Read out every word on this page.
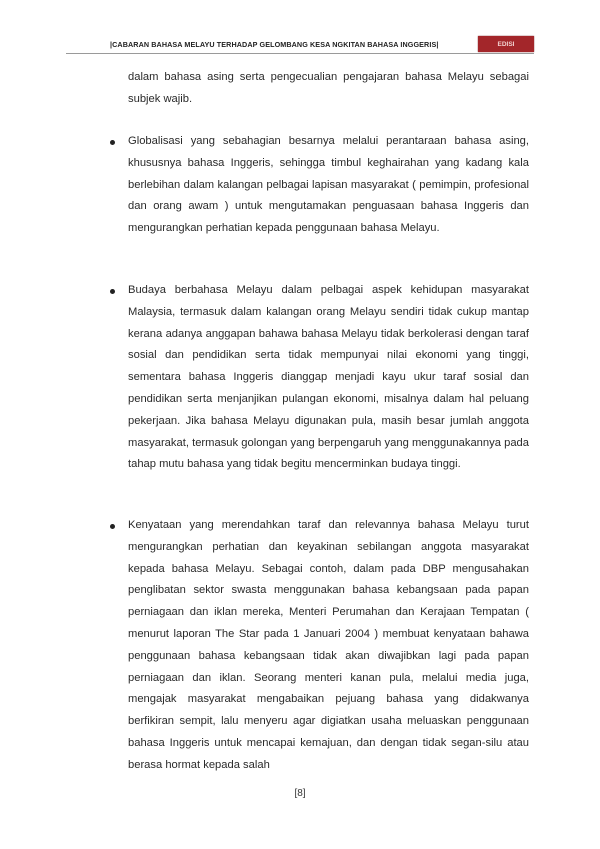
|CABARAN BAHASA MELAYU TERHADAP GELOMBANG KESA NGKITAN BAHASA INGGERIS|	EDISI
dalam bahasa asing serta pengecualian pengajaran bahasa Melayu sebagai subjek wajib.
Globalisasi yang sebahagian besarnya melalui perantaraan bahasa asing, khususnya bahasa Inggeris, sehingga timbul keghairahan yang kadang kala berlebihan dalam kalangan pelbagai lapisan masyarakat ( pemimpin, profesional dan orang awam ) untuk mengutamakan penguasaan bahasa Inggeris dan mengurangkan perhatian kepada penggunaan bahasa Melayu.
Budaya berbahasa Melayu dalam pelbagai aspek kehidupan masyarakat Malaysia, termasuk dalam kalangan orang Melayu sendiri tidak cukup mantap kerana adanya anggapan bahawa bahasa Melayu tidak berkolerasi dengan taraf sosial dan pendidikan serta tidak mempunyai nilai ekonomi yang tinggi, sementara bahasa Inggeris dianggap menjadi kayu ukur taraf sosial dan pendidikan serta menjanjikan pulangan ekonomi, misalnya dalam hal peluang pekerjaan. Jika bahasa Melayu digunakan pula, masih besar jumlah anggota masyarakat, termasuk golongan yang berpengaruh yang menggunakannya pada tahap mutu bahasa yang tidak begitu mencerminkan budaya tinggi.
Kenyataan yang merendahkan taraf dan relevannya bahasa Melayu turut mengurangkan perhatian dan keyakinan sebilangan anggota masyarakat kepada bahasa Melayu. Sebagai contoh, dalam pada DBP mengusahakan penglibatan sektor swasta menggunakan bahasa kebangsaan pada papan perniagaan dan iklan mereka, Menteri Perumahan dan Kerajaan Tempatan ( menurut laporan The Star pada 1 Januari 2004 ) membuat kenyataan bahawa penggunaan bahasa kebangsaan tidak akan diwajibkan lagi pada papan perniagaan dan iklan. Seorang menteri kanan pula, melalui media juga, mengajak masyarakat mengabaikan pejuang bahasa yang didakwanya berfikiran sempit, lalu menyeru agar digiatkan usaha meluaskan penggunaan bahasa Inggeris untuk mencapai kemajuan, dan dengan tidak segan-silu atau berasa hormat kepada salah
[8]
